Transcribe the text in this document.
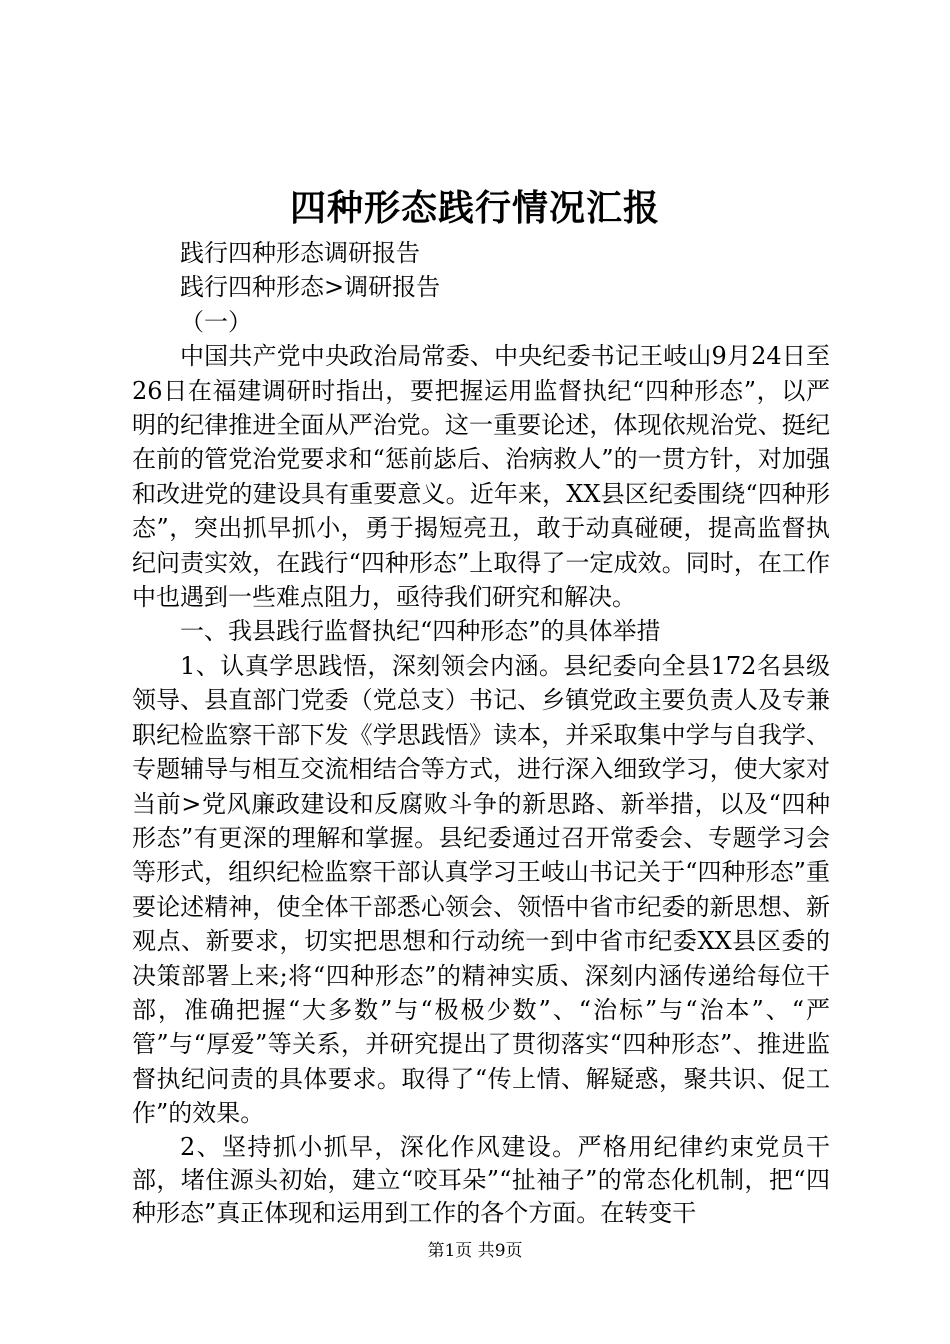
四种形态践行情况汇报

践行四种形态调研报告

践行四种形态>调研报告

（一）

中国共产党中央政治局常委、中央纪委书记王岐山9月24日至26日在福建调研时指出，要把握运用监督执纪“四种形态”，以严明的纪律推进全面从严治党。这一重要论述，体现依规治党、挺纪在前的管党治党要求和“惩前毖后、治病救人”的一贯方针，对加强和改进党的建设具有重要意义。近年来，XX县区纪委围绕“四种形态”，突出抓早抓小，勇于揭短亮丑，敢于动真碰硬，提高监督执纪问责实效，在践行“四种形态”上取得了一定成效。同时，在工作中也遇到一些难点阻力，亟待我们研究和解决。

一、我县践行监督执纪“四种形态”的具体举措

1、认真学思践悟，深刻领会内涵。县纪委向全县172名县级领导、县直部门党委（党总支）书记、乡镇党政主要负责人及专兼职纪检监察干部下发《学思践悟》读本，并采取集中学与自我学、专题辅导与相互交流相结合等方式，进行深入细致学习，使大家对当前>党风廉政建设和反腐败斗争的新思路、新举措，以及“四种形态”有更深的理解和掌握。县纪委通过召开常委会、专题学习会等形式，组织纪检监察干部认真学习王岐山书记关于“四种形态”重要论述精神，使全体干部悉心领会、领悟中省市纪委的新思想、新观点、新要求，切实把思想和行动统一到中省市纪委XX县区委的决策部署上来;将“四种形态”的精神实质、深刻内涵传递给每位干部，准确把握“大多数”与“极极少数”、“治标”与“治本”、“严管”与“厚爱”等关系，并研究提出了贯彻落实“四种形态”、推进监督执纪问责的具体要求。取得了“传上情、解疑惑，聚共识、促工作”的效果。

2、坚持抓小抓早，深化作风建设。严格用纪律约束党员干部，堵住源头初始，建立“咬耳朵”“扯袖子”的常态化机制，把“四种形态”真正体现和运用到工作的各个方面。在转变干

第1页 共9页
